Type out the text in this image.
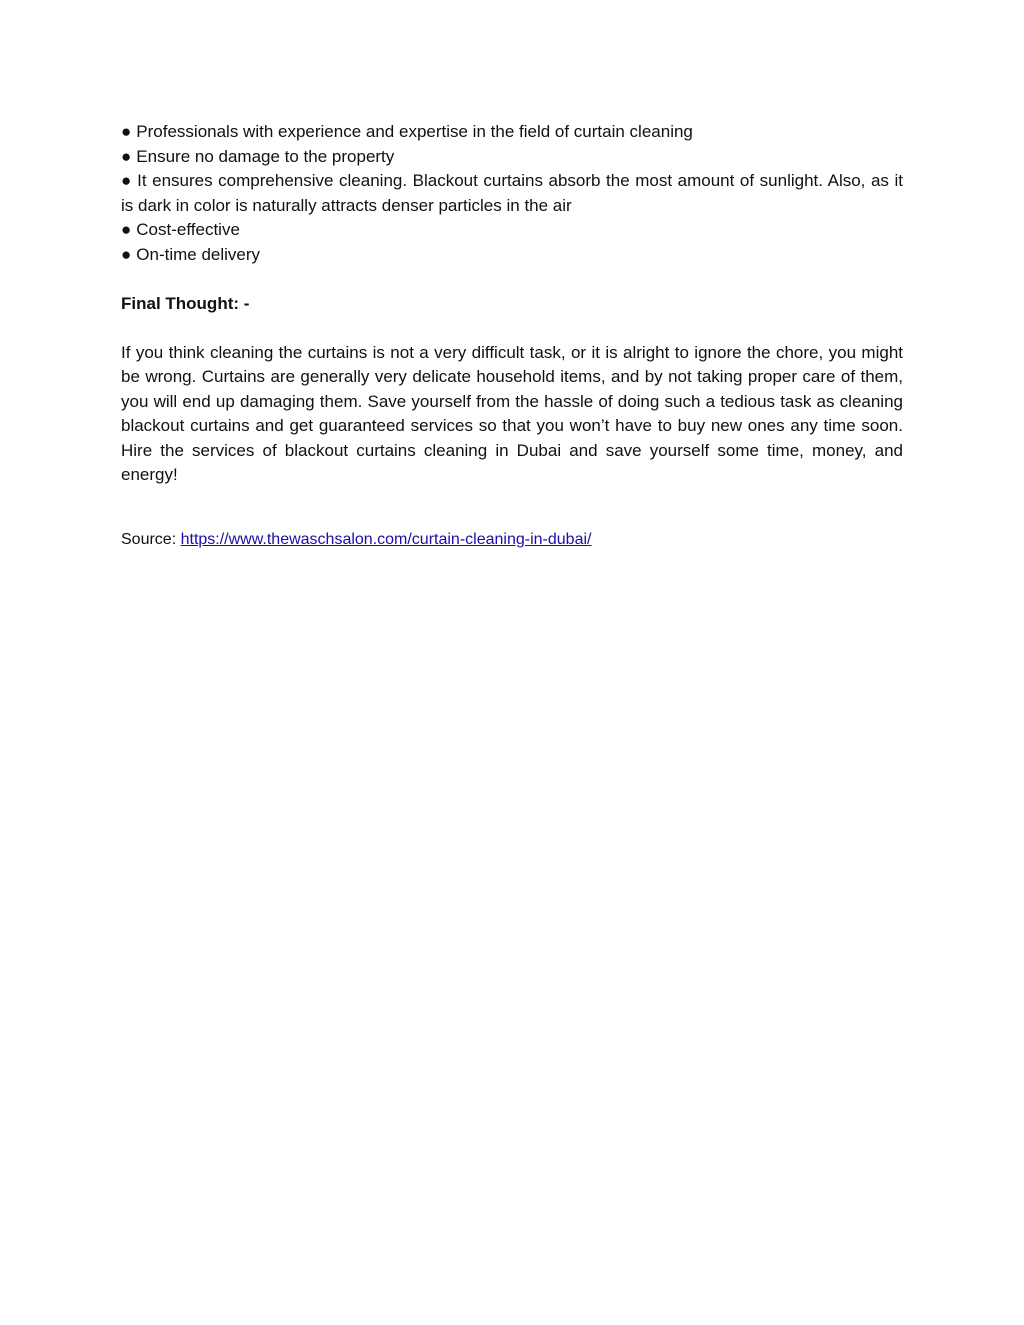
● Professionals with experience and expertise in the field of curtain cleaning
● Ensure no damage to the property
● It ensures comprehensive cleaning. Blackout curtains absorb the most amount of sunlight. Also, as it is dark in color is naturally attracts denser particles in the air
● Cost-effective
● On-time delivery
Final Thought: -

If you think cleaning the curtains is not a very difficult task, or it is alright to ignore the chore, you might be wrong. Curtains are generally very delicate household items, and by not taking proper care of them, you will end up damaging them. Save yourself from the hassle of doing such a tedious task as cleaning blackout curtains and get guaranteed services so that you won’t have to buy new ones any time soon. Hire the services of blackout curtains cleaning in Dubai and save yourself some time, money, and energy!

Source: https://www.thewaschsalon.com/curtain-cleaning-in-dubai/
